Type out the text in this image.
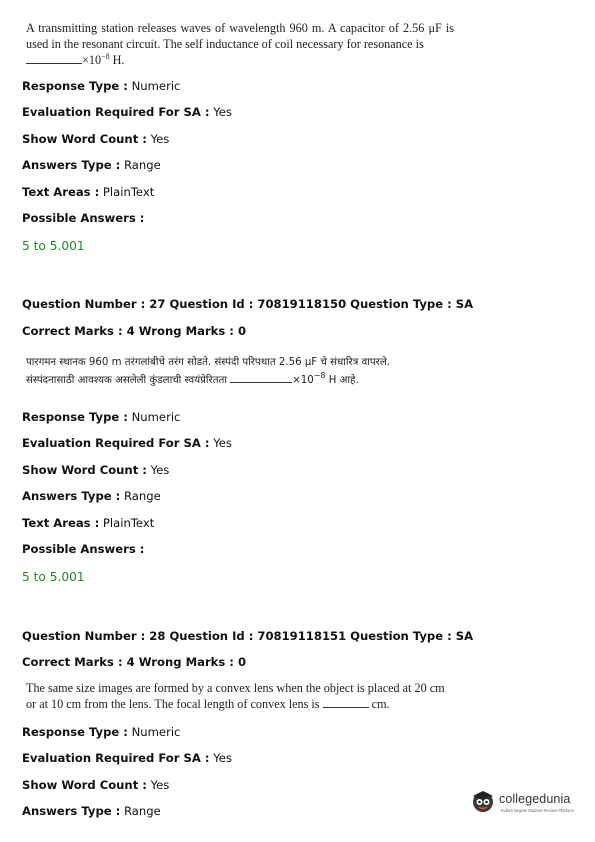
A transmitting station releases waves of wavelength 960 m. A capacitor of 2.56 μF is used in the resonant circuit. The self inductance of coil necessary for resonance is
$\times 10^{-8}$ H.
Response Type : Numeric
Evaluation Required For SA : Yes
Show Word Count : Yes
Answers Type : Range
Text Areas : PlainText
Possible Answers :
5 to 5.001
Question Number : 27 Question Id : 70819118150 Question Type : SA
Correct Marks : 4 Wrong Marks : 0
पारगमन स्थानक 960 m तरंगलांबीचे तरंग सोडते. संस्पंदी परिपथात 2.56 μF चे संधारित्र वापरले.
संस्पंदनासाठी आवश्यक असलेली कुंडलाची स्वयंप्रेरितता	$\times 10^{-8}$ H आहे.
Response Type : Numeric
Evaluation Required For SA : Yes
Show Word Count : Yes
Answers Type : Range
Text Areas : PlainText
Possible Answers :
5 to 5.001
Question Number : 28 Question Id : 70819118151 Question Type : SA
Correct Marks : 4 Wrong Marks : 0
The same size images are formed by a convex lens when the object is placed at 20 cm or at 10 cm from the lens. The focal length of convex lens is	cm.
Response Type : Numeric
Evaluation Required For SA : Yes
Show Word Count : Yes
Answers Type : Range
collegedunia
India's largest Student Review Platform
